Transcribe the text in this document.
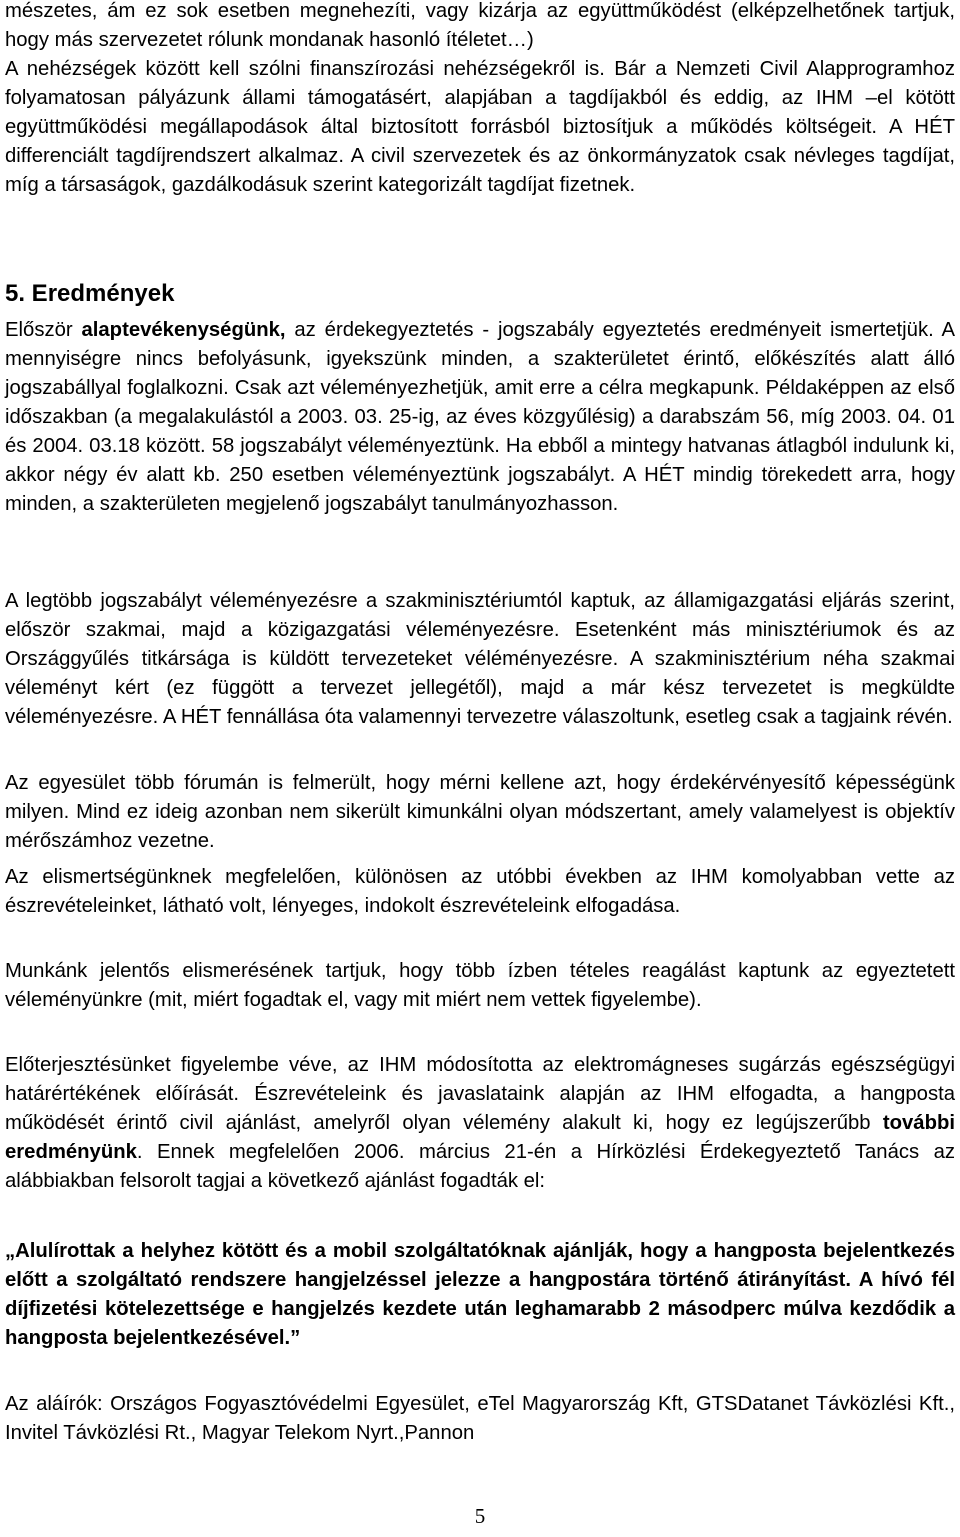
mészetes, ám ez sok esetben megnehezíti, vagy kizárja az együttműködést (elképzelhetőnek tartjuk, hogy más szervezetet rólunk mondanak hasonló ítéletet…)

A nehézségek között kell szólni finanszírozási nehézségekről is. Bár a Nemzeti Civil Alapprogramhoz folyamatosan pályázunk állami támogatásért, alapjában a tagdíjakból és eddig, az IHM –el kötött együttműködési megállapodások által biztosított forrásból biztosítjuk a működés költségeit. A HÉT differenciált tagdíjrendszert alkalmaz. A civil szervezetek és az önkormányzatok csak névleges tagdíjat, míg a társaságok, gazdálkodásuk szerint kategorizált tagdíjat fizetnek.

5. Eredmények

Először alaptevékenységünk, az érdekegyeztetés - jogszabály egyeztetés eredményeit ismertetjük. A mennyiségre nincs befolyásunk, igyekszünk minden, a szakterületet érintő, előkészítés alatt álló jogszabállyal foglalkozni. Csak azt véleményezhetjük, amit erre a célra megkapunk. Példaképpen az első időszakban (a megalakulástól a 2003. 03. 25-ig, az éves közgyűlésig) a darabszám 56, míg 2003. 04. 01 és 2004. 03.18 között. 58 jogszabályt véleményeztünk. Ha ebből a mintegy hatvanas átlagból indulunk ki, akkor négy év alatt kb. 250 esetben véleményeztünk jogszabályt. A HÉT mindig törekedett arra, hogy minden, a szakterületen megjelenő jogszabályt tanulmányozhasson.

A legtöbb jogszabályt véleményezésre a szakminisztériumtól kaptuk, az államigazgatási eljárás szerint, először szakmai, majd a közigazgatási véleményezésre. Esetenként más minisztériumok és az Országgyűlés titkársága is küldött tervezeteket véléményezésre. A szakminisztérium néha szakmai véleményt kért (ez függött a tervezet jellegétől), majd a már kész tervezetet is megküldte véleményezésre. A HÉT fennállása óta valamennyi tervezetre válaszoltunk, esetleg csak a tagjaink révén.

Az egyesület több fórumán is felmerült, hogy mérni kellene azt, hogy érdekérvényesítő képességünk milyen. Mind ez ideig azonban nem sikerült kimunkálni olyan módszertant, amely valamelyest is objektív mérőszámhoz vezetne.

Az elismertségünknek megfelelően, különösen az utóbbi években az IHM komolyabban vette az észrevételeinket, látható volt, lényeges, indokolt észrevételeink elfogadása.

Munkánk jelentős elismerésének tartjuk, hogy több ízben tételes reagálást kaptunk az egyeztetett véleményünkre (mit, miért fogadtak el, vagy mit miért nem vettek figyelembe).

Előterjesztésünket figyelembe véve, az IHM módosította az elektromágneses sugárzás egészségügyi határértékének előírását. Észrevételeink és javaslataink alapján az IHM elfogadta, a hangposta működését érintő civil ajánlást, amelyről olyan vélemény alakult ki, hogy ez legújszerűbb további eredményünk. Ennek megfelelően 2006. március 21-én a Hírközlési Érdekegyeztető Tanács az alábbiakban felsorolt tagjai a következő ajánlást fogadták el:

„Alulírottak a helyhez kötött és a mobil szolgáltatóknak ajánlják, hogy a hangposta bejelentkezés előtt a szolgáltató rendszere hangjelzéssel jelezze a hangpostára történő átirányítást. A hívó fél díjfizetési kötelezettsége e hangjelzés kezdete után leghamarabb 2 másodperc múlva kezdődik a hangposta bejelentkezésével.”

Az aláírók: Országos Fogyasztóvédelmi Egyesület, eTel Magyarország Kft, GTSDatanet Távközlési Kft., Invitel Távközlési Rt., Magyar Telekom Nyrt.,Pannon

5
